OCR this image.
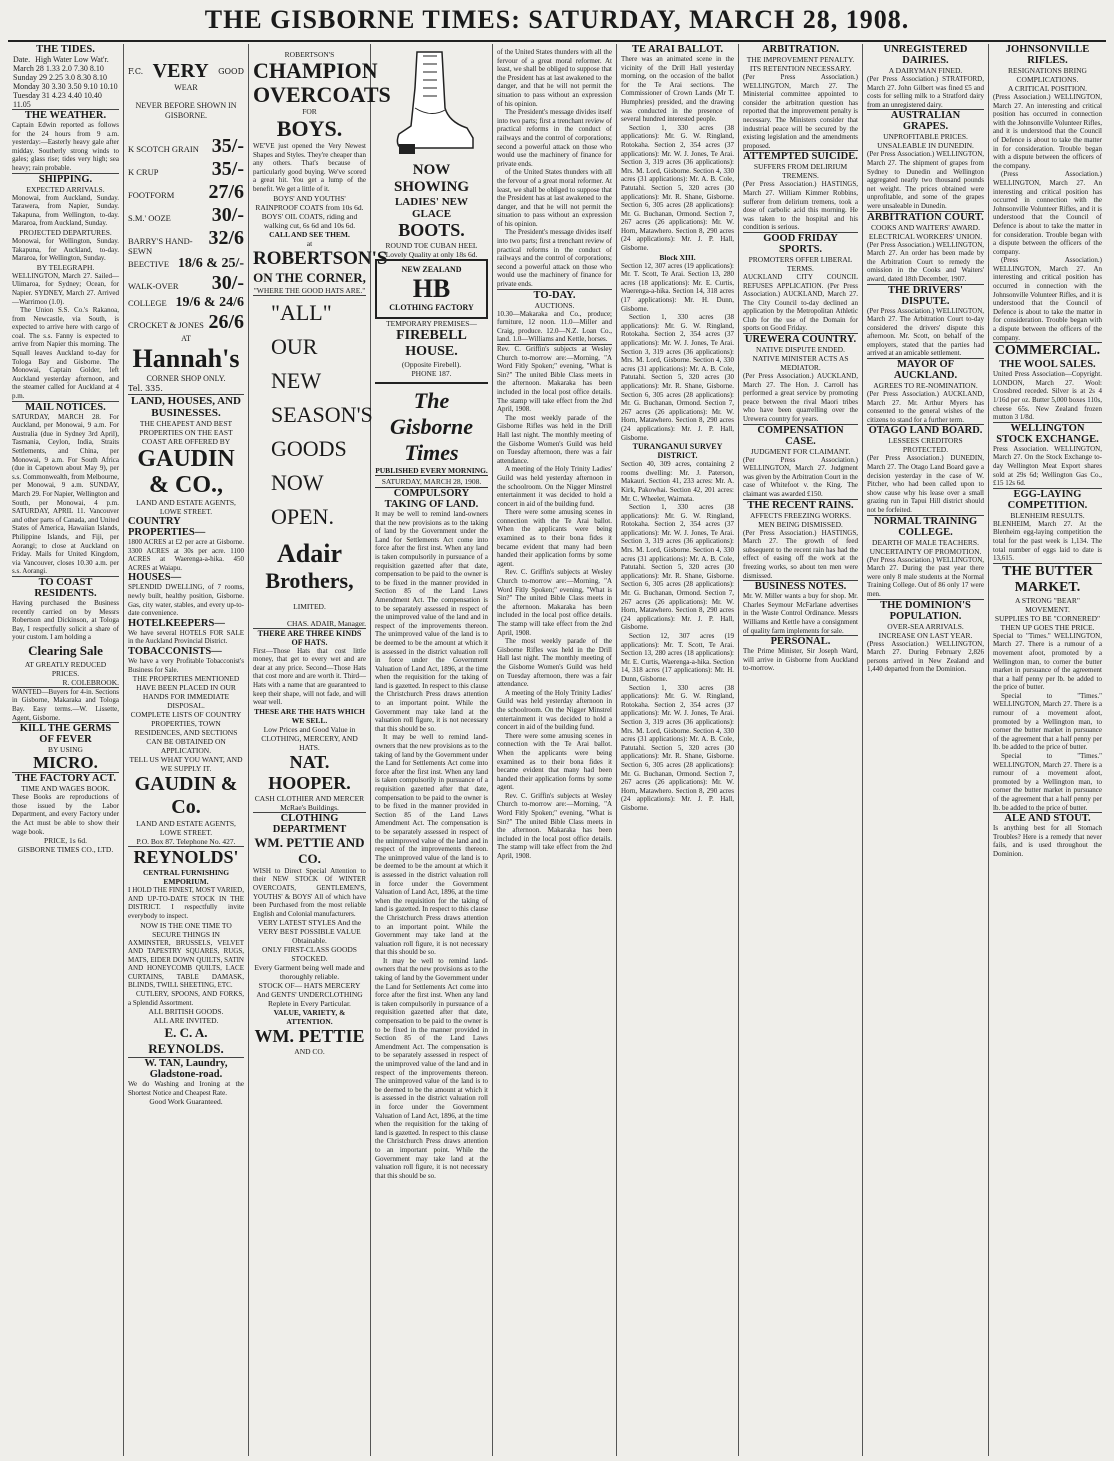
THE GISBORNE TIMES: SATURDAY, MARCH 28, 1908.
THE TIDES.
Date.	High Water Low Wat'r.
March 28 1.33 2.0 7.30 8.10
Sunday 29 2.25 3.0 8.30 8.10
Monday 30 3.30 3.50 9.10 10.10
Tuesday 31 4.23 4.40 10.40 11.05
THE WEATHER.

Captain Edwin reported as follows for the 24 hours from 9 a.m. yesterday:—Easterly heavy gale after midday. Southerly strong winds to gales; glass rise; tides very high; sea heavy; rain probable.

SHIPPING.
EXPECTED ARRIVALS.

Monowai, from Auckland, Sunday. Tarawera, from Napier, Sunday. Takapuna, from Wellington, to-day. Mararoa, from Auckland, Sunday.

PROJECTED DEPARTURES.

Monowai, for Wellington, Sunday. Takapuna, for Auckland, to-day. Mararoa, for Wellington, Sunday.

BY TELEGRAPH.

WELLINGTON, March 27. Sailed—Ulimaroa, for Sydney; Ocean, for Napier. SYDNEY, March 27. Arrived—Warrimoo (1.0).

The Union S.S. Co.'s Rakanoa, from Newcastle, via South, is expected to arrive here with cargo of coal. The s.s. Fanny is expected to arrive from Napier this morning. The Squall leaves Auckland to-day for Tologa Bay and Gisborne. The Monowai, Captain Golder, left Auckland yesterday afternoon, and the steamer called for Auckland at 4 p.m.

MAIL NOTICES.

SATURDAY, MARCH 28. For Auckland, per Monowai, 9 a.m. For Australia (due in Sydney 3rd April), Tasmania, Ceylon, India, Straits Settlements, and China, per Monowai, 9 a.m. For South Africa (due in Capetown about May 9), per s.s. Commonwealth, from Melbourne, per Monowai, 9 a.m. SUNDAY, March 29. For Napier, Wellington and South, per Monowai, 4 p.m. SATURDAY, APRIL 11. Vancouver and other parts of Canada, and United States of America, Hawaiian Islands, Philippine Islands, and Fiji, per Aorangi; to close at Auckland on Friday. Mails for United Kingdom, via Vancouver, closes 10.30 a.m. per s.s. Aorangi.

TO COAST RESIDENTS.

Having purchased the Business recently carried on by Messrs Robertson and Dickinson, at Tologa Bay, I respectfully solicit a share of your custom. I am holding a

Clearing Sale
AT GREATLY REDUCED PRICES.
R. COLEBROOK.

WANTED—Buyers for 4-in. Sections in Gisborne, Makaraka and Tologa Bay. Easy terms.—W. Lissette, Agent, Gisborne.

KILL THE GERMS OF FEVER
BY USING
MICRO.
THE FACTORY ACT.
TIME AND WAGES BOOK.

These Books are reproductions of those issued by the Labor Department, and every Factory under the Act must be able to show their wage book.

PRICE, 1s 6d.
GISBORNE TIMES CO., LTD.
F.C. VERY GOOD
WEAR
NEVER BEFORE SHOWN IN GISBORNE.
K SCOTCH GRAIN 35/-
K CRUP	35/-
FOOTFORM 27/6
S.M.' OOZE 30/-
BARRY'S HAND-SEWN
32/6
BEECTIVE 18/6 & 25/-
WALK-OVER 30/-
COLLEGE 19/6 & 24/6
CROCKET & JONES 26/6
AT
Hannah's
CORNER SHOP ONLY.
Tel. 335.
LAND, HOUSES, AND BUSINESSES.
THE CHEAPEST AND BEST PROPERTIES ON THE EAST COAST ARE OFFERED BY
GAUDIN & CO.,
LAND AND ESTATE AGENTS, LOWE STREET.
COUNTRY PROPERTIES—

1800 ACRES at £2 per acre at Gisborne. 3300 ACRES at 30s per acre. 1100 ACRES at Waerenga-a-hika. 450 ACRES at Waiapu.

HOUSES—

SPLENDID DWELLING, of 7 rooms, newly built, healthy position, Gisborne. Gas, city water, stables, and every up-to-date convenience.

HOTELKEEPERS—

We have several HOTELS FOR SALE in the Auckland Provincial District.

TOBACCONISTS—

We have a very Profitable Tobacconist's Business for Sale.

THE PROPERTIES MENTIONED HAVE BEEN PLACED IN OUR HANDS FOR IMMEDIATE DISPOSAL.
COMPLETE LISTS OF COUNTRY PROPERTIES, TOWN RESIDENCES, AND SECTIONS CAN BE OBTAINED ON APPLICATION.
TELL US WHAT YOU WANT, AND WE SUPPLY IT.
GAUDIN & Co.
LAND AND ESTATE AGENTS, LOWE STREET.
P.O. Box 87. Telephone No. 427.
REYNOLDS'
CENTRAL FURNISHING EMPORIUM.

I HOLD THE FINEST, MOST VARIED, AND UP-TO-DATE STOCK IN THE DISTRICT. I respectfully invite everybody to inspect.

NOW IS THE ONE TIME TO SECURE THINGS IN

AXMINSTER, BRUSSELS, VELVET AND TAPESTRY SQUARES, RUGS, MATS, EIDER DOWN QUILTS, SATIN AND HONEYCOMB QUILTS, LACE CURTAINS, TABLE DAMASK, BLINDS, TWILL SHEETING, ETC.

CUTLERY, SPOONS, AND FORKS, a Splendid Assortment.

ALL BRITISH GOODS.
ALL ARE INVITED.
E. C. A. REYNOLDS.
W. TAN, Laundry, Gladstone-road.

We do Washing and Ironing at the Shortest Notice and Cheapest Rate.

Good Work Guaranteed.
ROBERTSON'S
CHAMPION OVERCOATS
FOR
BOYS.

WE'VE just opened the Very Newest Shapes and Styles. They're cheaper than any others. That's because of particularly good buying. We've scored a great hit. You get a lump of the benefit. We get a little of it.

BOYS' AND YOUTHS' RAINPROOF COATS from 10s 6d.
BOYS' OIL COATS, riding and walking cut, 6s 6d and 10s 6d.
CALL AND SEE THEM.
at
ROBERTSON'S
ON THE CORNER,
"WHERE THE GOOD HATS ARE."
"ALL"
OUR
NEW
SEASON'S
GOODS
NOW
OPEN.
Adair
Brothers,
LIMITED.
CHAS. ADAIR, Manager.
THERE ARE THREE KINDS OF HATS.

First—Those Hats that cost little money, that get to every wet and are dear at any price. Second—Those Hats that cost more and are worth it. Third—Hats with a name that are guaranteed to keep their shape, will not fade, and will wear well.

THESE ARE THE HATS WHICH WE SELL.
Low Prices and Good Value in CLOTHING, MERCERY, AND HATS.
NAT. HOOPER.
CASH CLOTHIER AND MERCER
McRae's Buildings.
CLOTHING DEPARTMENT
WM. PETTIE AND CO.

WISH to Direct Special Attention to their NEW STOCK Of WINTER OVERCOATS, GENTLEMEN'S, YOUTHS' & BOYS' All of which have been Purchased from the most reliable English and Colonial manufacturers.

VERY LATEST STYLES And the VERY BEST POSSIBLE VALUE Obtainable.
ONLY FIRST-CLASS GOODS STOCKED.
Every Garment being well made and thoroughly reliable.
STOCK OF— HATS MERCERY And GENTS' UNDERCLOTHING Replete in Every Particular.
VALUE, VARIETY, & ATTENTION.
WM. PETTIE
AND CO.
NOW SHOWING
LADIES' NEW GLACE
BOOTS.
ROUND TOE CUBAN HEEL
Lovely Quality at only 18s 6d.
NEW ZEALAND
HB
CLOTHING FACTORY
TEMPORARY PREMISES—
FIREBELL HOUSE.
(Opposite Firebell).
PHONE 187.
The Gisborne Times
PUBLISHED EVERY MORNING.
SATURDAY, MARCH 28, 1908.
COMPULSORY TAKING OF LAND.

It may be well to remind land-owners that the new provisions as to the taking of land by the Government under the Land for Settlements Act come into force after the first inst. When any land is taken compulsorily in pursuance of a requisition gazetted after that date, compensation to be paid to the owner is to be fixed in the manner provided in Section 85 of the Land Laws Amendment Act. The compensation is to be separately assessed in respect of the unimproved value of the land and in respect of the improvements thereon. The unimproved value of the land is to be deemed to be the amount at which it is assessed in the district valuation roll in force under the Government Valuation of Land Act, 1896, at the time when the requisition for the taking of land is gazetted. In respect to this clause the Christchurch Press draws attention to an important point. While the Government may take land at the valuation roll figure, it is not necessary that this should be so.

It may be well to remind land-owners that the new provisions as to the taking of land by the Government under the Land for Settlements Act come into force after the first inst. When any land is taken compulsorily in pursuance of a requisition gazetted after that date, compensation to be paid to the owner is to be fixed in the manner provided in Section 85 of the Land Laws Amendment Act. The compensation is to be separately assessed in respect of the unimproved value of the land and in respect of the improvements thereon. The unimproved value of the land is to be deemed to be the amount at which it is assessed in the district valuation roll in force under the Government Valuation of Land Act, 1896, at the time when the requisition for the taking of land is gazetted. In respect to this clause the Christchurch Press draws attention to an important point. While the Government may take land at the valuation roll figure, it is not necessary that this should be so.

It may be well to remind land-owners that the new provisions as to the taking of land by the Government under the Land for Settlements Act come into force after the first inst. When any land is taken compulsorily in pursuance of a requisition gazetted after that date, compensation to be paid to the owner is to be fixed in the manner provided in Section 85 of the Land Laws Amendment Act. The compensation is to be separately assessed in respect of the unimproved value of the land and in respect of the improvements thereon. The unimproved value of the land is to be deemed to be the amount at which it is assessed in the district valuation roll in force under the Government Valuation of Land Act, 1896, at the time when the requisition for the taking of land is gazetted. In respect to this clause the Christchurch Press draws attention to an important point. While the Government may take land at the valuation roll figure, it is not necessary that this should be so.

of the United States thunders with all the fervour of a great moral reformer. At least, we shall be obliged to suppose that the President has at last awakened to the danger, and that he will not permit the situation to pass without an expression of his opinion.

The President's message divides itself into two parts; first a trenchant review of practical reforms in the conduct of railways and the control of corporations; second a powerful attack on those who would use the machinery of finance for private ends.

of the United States thunders with all the fervour of a great moral reformer. At least, we shall be obliged to suppose that the President has at last awakened to the danger, and that he will not permit the situation to pass without an expression of his opinion.

The President's message divides itself into two parts; first a trenchant review of practical reforms in the conduct of railways and the control of corporations; second a powerful attack on those who would use the machinery of finance for private ends.

TO-DAY.
AUCTIONS.

10.30—Makaraka and Co., produce; furniture, 12 noon. 11.0—Miller and Craig, produce. 12.0—N.Z. Loan Co., land. 1.0—Williams and Kettle, horses.

Rev. C. Griffin's subjects at Wesley Church to-morrow are:—Morning, "A Word Fitly Spoken;" evening, "What is Sin?" The united Bible Class meets in the afternoon. Makaraka has been included in the local post office details. The stamp will take effect from the 2nd April, 1908.

The most weekly parade of the Gisborne Rifles was held in the Drill Hall last night. The monthly meeting of the Gisborne Women's Guild was held on Tuesday afternoon, there was a fair attendance.

A meeting of the Holy Trinity Ladies' Guild was held yesterday afternoon in the schoolroom. On the Nigger Minstrel entertainment it was decided to hold a concert in aid of the building fund.

There were some amusing scenes in connection with the Te Arai ballot. When the applicants were being examined as to their bona fides it became evident that many had been handed their application forms by some agent.

Rev. C. Griffin's subjects at Wesley Church to-morrow are:—Morning, "A Word Fitly Spoken;" evening, "What is Sin?" The united Bible Class meets in the afternoon. Makaraka has been included in the local post office details. The stamp will take effect from the 2nd April, 1908.

The most weekly parade of the Gisborne Rifles was held in the Drill Hall last night. The monthly meeting of the Gisborne Women's Guild was held on Tuesday afternoon, there was a fair attendance.

A meeting of the Holy Trinity Ladies' Guild was held yesterday afternoon in the schoolroom. On the Nigger Minstrel entertainment it was decided to hold a concert in aid of the building fund.

There were some amusing scenes in connection with the Te Arai ballot. When the applicants were being examined as to their bona fides it became evident that many had been handed their application forms by some agent.

Rev. C. Griffin's subjects at Wesley Church to-morrow are:—Morning, "A Word Fitly Spoken;" evening, "What is Sin?" The united Bible Class meets in the afternoon. Makaraka has been included in the local post office details. The stamp will take effect from the 2nd April, 1908.

TE ARAI BALLOT.

There was an animated scene in the vicinity of the Drill Hall yesterday morning, on the occasion of the ballot for the Te Arai sections. The Commissioner of Crown Lands (Mr T. Humphries) presided, and the drawing was conducted in the presence of several hundred interested people.

Section 1, 330 acres (38 applications): Mr. G. W. Ringland, Rotokaha. Section 2, 354 acres (37 applications): Mr. W. J. Jones, Te Arai. Section 3, 319 acres (36 applications): Mrs. M. Lord, Gisborne. Section 4, 330 acres (31 applications): Mr. A. B. Cole, Patutahi. Section 5, 320 acres (30 applications): Mr. R. Shane, Gisborne. Section 6, 305 acres (28 applications): Mr. G. Buchanan, Ormond. Section 7, 267 acres (26 applications): Mr. W. Horn, Matawhero. Section 8, 290 acres (24 applications): Mr. J. P. Hall, Gisborne.

Block XIII.

Section 12, 307 acres (19 applications): Mr. T. Scott, Te Arai. Section 13, 280 acres (18 applications): Mr. E. Curtis, Waerenga-a-hika. Section 14, 318 acres (17 applications): Mr. H. Dunn, Gisborne.

Section 1, 330 acres (38 applications): Mr. G. W. Ringland, Rotokaha. Section 2, 354 acres (37 applications): Mr. W. J. Jones, Te Arai. Section 3, 319 acres (36 applications): Mrs. M. Lord, Gisborne. Section 4, 330 acres (31 applications): Mr. A. B. Cole, Patutahi. Section 5, 320 acres (30 applications): Mr. R. Shane, Gisborne. Section 6, 305 acres (28 applications): Mr. G. Buchanan, Ormond. Section 7, 267 acres (26 applications): Mr. W. Horn, Matawhero. Section 8, 290 acres (24 applications): Mr. J. P. Hall, Gisborne.

TURANGANUI SURVEY DISTRICT.

Section 40, 309 acres, containing 2 rooms dwelling: Mr. J. Paterson, Makauri. Section 41, 233 acres: Mr. A. Kirk, Pakowhai. Section 42, 201 acres: Mr. C. Wheeler, Waimata.

Section 1, 330 acres (38 applications): Mr. G. W. Ringland, Rotokaha. Section 2, 354 acres (37 applications): Mr. W. J. Jones, Te Arai. Section 3, 319 acres (36 applications): Mrs. M. Lord, Gisborne. Section 4, 330 acres (31 applications): Mr. A. B. Cole, Patutahi. Section 5, 320 acres (30 applications): Mr. R. Shane, Gisborne. Section 6, 305 acres (28 applications): Mr. G. Buchanan, Ormond. Section 7, 267 acres (26 applications): Mr. W. Horn, Matawhero. Section 8, 290 acres (24 applications): Mr. J. P. Hall, Gisborne.

Section 12, 307 acres (19 applications): Mr. T. Scott, Te Arai. Section 13, 280 acres (18 applications): Mr. E. Curtis, Waerenga-a-hika. Section 14, 318 acres (17 applications): Mr. H. Dunn, Gisborne.

Section 1, 330 acres (38 applications): Mr. G. W. Ringland, Rotokaha. Section 2, 354 acres (37 applications): Mr. W. J. Jones, Te Arai. Section 3, 319 acres (36 applications): Mrs. M. Lord, Gisborne. Section 4, 330 acres (31 applications): Mr. A. B. Cole, Patutahi. Section 5, 320 acres (30 applications): Mr. R. Shane, Gisborne. Section 6, 305 acres (28 applications): Mr. G. Buchanan, Ormond. Section 7, 267 acres (26 applications): Mr. W. Horn, Matawhero. Section 8, 290 acres (24 applications): Mr. J. P. Hall, Gisborne.

ARBITRATION.
THE IMPROVEMENT PENALTY.
ITS RETENTION NECESSARY.

(Per Press Association.) WELLINGTON, March 27. The Ministerial committee appointed to consider the arbitration question has reported that the improvement penalty is necessary. The Ministers consider that industrial peace will be secured by the existing legislation and the amendments proposed.

ATTEMPTED SUICIDE.
SUFFERS FROM DELIRIUM TREMENS.

(Per Press Association.) HASTINGS, March 27. William Kimmer Robbins, sufferer from delirium tremens, took a dose of carbolic acid this morning. He was taken to the hospital and his condition is serious.

GOOD FRIDAY SPORTS.
PROMOTERS OFFER LIBERAL TERMS.

AUCKLAND CITY COUNCIL REFUSES APPLICATION. (Per Press Association.) AUCKLAND, March 27. The City Council to-day declined an application by the Metropolitan Athletic Club for the use of the Domain for sports on Good Friday.

UREWERA COUNTRY.
NATIVE DISPUTE ENDED.
NATIVE MINISTER ACTS AS MEDIATOR.

(Per Press Association.) AUCKLAND, March 27. The Hon. J. Carroll has performed a great service by promoting peace between the rival Maori tribes who have been quarrelling over the Urewera country for years.

COMPENSATION CASE.
JUDGMENT FOR CLAIMANT.

(Per Press Association.) WELLINGTON, March 27. Judgment was given by the Arbitration Court in the case of Whitefoot v. the King. The claimant was awarded £150.

THE RECENT RAINS.
AFFECTS FREEZING WORKS.
MEN BEING DISMISSED.

(Per Press Association.) HASTINGS, March 27. The growth of feed subsequent to the recent rain has had the effect of easing off the work at the freezing works, so about ten men were dismissed.

BUSINESS NOTES.

Mr. W. Miller wants a buy for shop. Mr. Charles Seymour McFarlane advertises in the Waste Control Ordinance. Messrs Williams and Kettle have a consignment of quality farm implements for sale.

PERSONAL.

The Prime Minister, Sir Joseph Ward, will arrive in Gisborne from Auckland to-morrow.

UNREGISTERED DAIRIES.
A DAIRYMAN FINED.

(Per Press Association.) STRATFORD, March 27. John Gilbert was fined £5 and costs for selling milk to a Stratford dairy from an unregistered dairy.

AUSTRALIAN GRAPES.
UNPROFITABLE PRICES.
UNSALEABLE IN DUNEDIN.

(Per Press Association.) WELLINGTON, March 27. The shipment of grapes from Sydney to Dunedin and Wellington aggregated nearly two thousand pounds net weight. The prices obtained were unprofitable, and some of the grapes were unsaleable in Dunedin.

ARBITRATION COURT.
COOKS AND WAITERS' AWARD.
ELECTRICAL WORKERS' UNION.

(Per Press Association.) WELLINGTON, March 27. An order has been made by the Arbitration Court to remedy the omission in the Cooks and Waiters' award, dated 18th December, 1907.

THE DRIVERS' DISPUTE.

(Per Press Association.) WELLINGTON, March 27. The Arbitration Court to-day considered the drivers' dispute this afternoon. Mr. Scott, on behalf of the employers, stated that the parties had arrived at an amicable settlement.

MAYOR OF AUCKLAND.
AGREES TO RE-NOMINATION.

(Per Press Association.) AUCKLAND, March 27. Mr. Arthur Myers has consented to the general wishes of the citizens to stand for a further term.

OTAGO LAND BOARD.
LESSEES CREDITORS PROTECTED.

(Per Press Association.) DUNEDIN, March 27. The Otago Land Board gave a decision yesterday in the case of W. Pitcher, who had been called upon to show cause why his lease over a small grazing run in Tapui Hill district should not be forfeited.

NORMAL TRAINING COLLEGE.
DEARTH OF MALE TEACHERS.
UNCERTAINTY OF PROMOTION.

(Per Press Association.) WELLINGTON, March 27. During the past year there were only 8 male students at the Normal Training College. Out of 86 only 17 were men.

THE DOMINION'S POPULATION.
OVER-SEA ARRIVALS.
INCREASE ON LAST YEAR.

(Press Association.) WELLINGTON, March 27. During February 2,826 persons arrived in New Zealand and 1,440 departed from the Dominion.

JOHNSONVILLE RIFLES.
RESIGNATIONS BRING COMPLICATIONS.
A CRITICAL POSITION.

(Press Association.) WELLINGTON, March 27. An interesting and critical position has occurred in connection with the Johnsonville Volunteer Rifles, and it is understood that the Council of Defence is about to take the matter in for consideration. Trouble began with a dispute between the officers of the company.

(Press Association.) WELLINGTON, March 27. An interesting and critical position has occurred in connection with the Johnsonville Volunteer Rifles, and it is understood that the Council of Defence is about to take the matter in for consideration. Trouble began with a dispute between the officers of the company.

(Press Association.) WELLINGTON, March 27. An interesting and critical position has occurred in connection with the Johnsonville Volunteer Rifles, and it is understood that the Council of Defence is about to take the matter in for consideration. Trouble began with a dispute between the officers of the company.

COMMERCIAL.
THE WOOL SALES.

United Press Association—Copyright. LONDON, March 27. Wool: Crossbred receded. Silver is at 2s 4 1/16d per oz. Butter 5,000 boxes 110s, cheese 65s. New Zealand frozen mutton 3 1/8d.

WELLINGTON STOCK EXCHANGE.

Press Association. WELLINGTON, March 27. On the Stock Exchange to-day Wellington Meat Export shares sold at 29s 6d; Wellington Gas Co., £15 12s 6d.

EGG-LAYING COMPETITION.
BLENHEIM RESULTS.

BLENHEIM, March 27. At the Blenheim egg-laying competition the total for the past week is 1,134. The total number of eggs laid to date is 13,615.

THE BUTTER MARKET.
A STRONG "BEAR" MOVEMENT.
SUPPLIES TO BE "CORNERED" THEN UP GOES THE PRICE.

Special to "Times." WELLINGTON, March 27. There is a rumour of a movement afoot, promoted by a Wellington man, to corner the butter market in pursuance of the agreement that a half penny per lb. be added to the price of butter.

Special to "Times." WELLINGTON, March 27. There is a rumour of a movement afoot, promoted by a Wellington man, to corner the butter market in pursuance of the agreement that a half penny per lb. be added to the price of butter.

Special to "Times." WELLINGTON, March 27. There is a rumour of a movement afoot, promoted by a Wellington man, to corner the butter market in pursuance of the agreement that a half penny per lb. be added to the price of butter.

ALE AND STOUT.

Is anything best for all Stomach Troubles? Here is a remedy that never fails, and is used throughout the Dominion.
